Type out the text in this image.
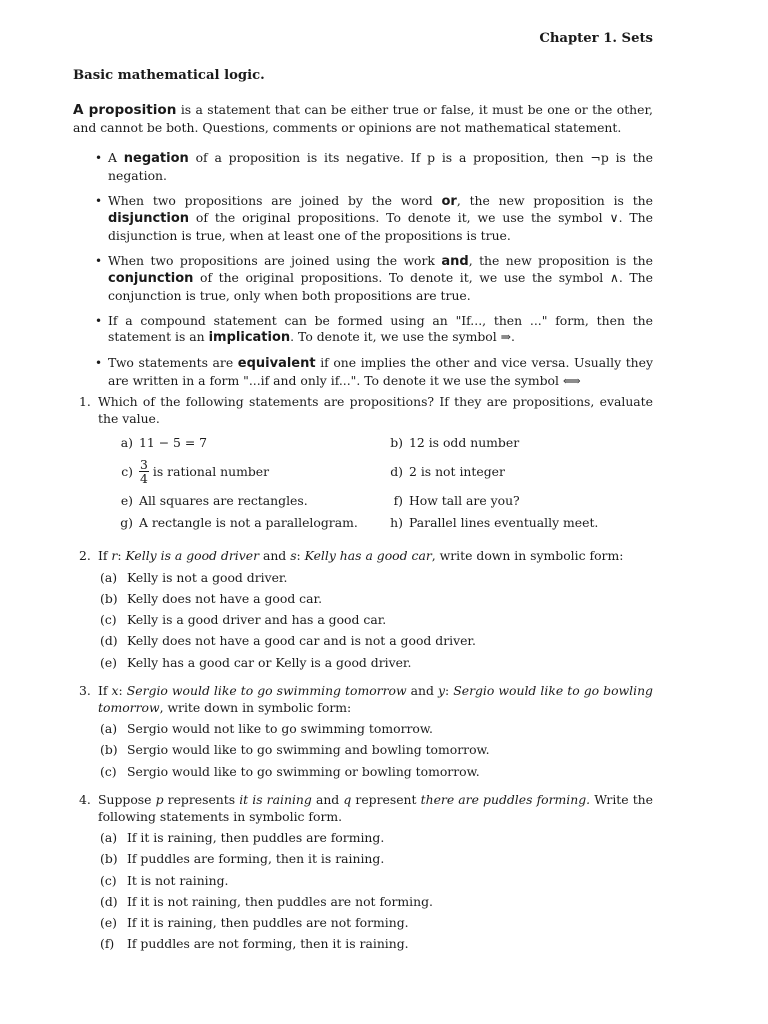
Chapter 1. Sets
Basic mathematical logic.

A proposition is a statement that can be either true or false, it must be one or the other, and cannot be both. Questions, comments or opinions are not mathematical statement.

• A negation of a proposition is its negative. If p is a proposition, then ¬p is the negation.
• When two propositions are joined by the word or, the new proposition is the disjunction of the original propositions. To denote it, we use the symbol ∨. The disjunction is true, when at least one of the propositions is true.
• When two propositions are joined using the work and, the new proposition is the conjunction of the original propositions. To denote it, we use the symbol ∧. The conjunction is true, only when both propositions are true.
• If a compound statement can be formed using an "If..., then ..." form, then the statement is an implication. To denote it, we use the symbol ⇒.
• Two statements are equivalent if one implies the other and vice versa. Usually they are written in a form "...if and only if...". To denote it we use the symbol ⟺
1. Which of the following statements are propositions? If they are propositions, evaluate the value.
a) 11 − 5 = 7	b) 12 is odd number
$c) \frac{3}{4}$ is rational number	d) 2 is not integer
e) All squares are rectangles.	f) How tall are you?
g) A rectangle is not a parallelogram.	h) Parallel lines eventually meet.
2. If r: Kelly is a good driver and s: Kelly has a good car, write down in symbolic form:
(a) Kelly is not a good driver.
(b) Kelly does not have a good car.
(c) Kelly is a good driver and has a good car.
(d) Kelly does not have a good car and is not a good driver.
(e) Kelly has a good car or Kelly is a good driver.
3. If x: Sergio would like to go swimming tomorrow and y: Sergio would like to go bowling tomorrow, write down in symbolic form:
(a) Sergio would not like to go swimming tomorrow.
(b) Sergio would like to go swimming and bowling tomorrow.
(c) Sergio would like to go swimming or bowling tomorrow.
4. Suppose p represents it is raining and q represent there are puddles forming. Write the following statements in symbolic form.
(a) If it is raining, then puddles are forming.
(b) If puddles are forming, then it is raining.
(c) It is not raining.
(d) If it is not raining, then puddles are not forming.
(e) If it is raining, then puddles are not forming.
(f)	If puddles are not forming, then it is raining.
